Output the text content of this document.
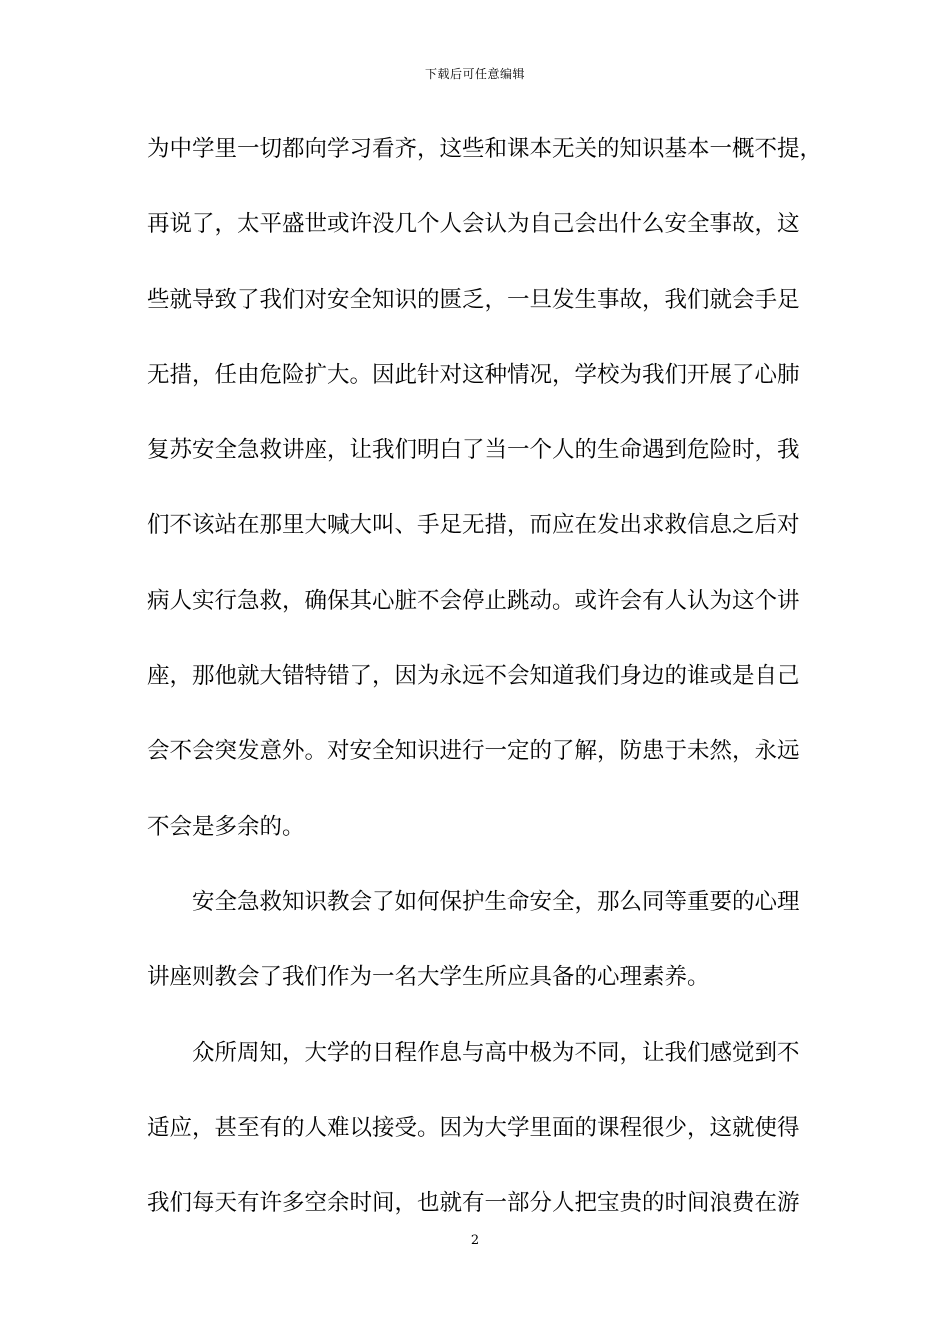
下载后可任意编辑
为中学里一切都向学习看齐，这些和课本无关的知识基本一概不提，
再说了，太平盛世或许没几个人会认为自己会出什么安全事故，这
些就导致了我们对安全知识的匮乏，一旦发生事故，我们就会手足
无措，任由危险扩大。因此针对这种情况，学校为我们开展了心肺
复苏安全急救讲座，让我们明白了当一个人的生命遇到危险时，我
们不该站在那里大喊大叫、手足无措，而应在发出求救信息之后对
病人实行急救，确保其心脏不会停止跳动。或许会有人认为这个讲
座，那他就大错特错了，因为永远不会知道我们身边的谁或是自己
会不会突发意外。对安全知识进行一定的了解，防患于未然，永远
不会是多余的。
安全急救知识教会了如何保护生命安全，那么同等重要的心理
讲座则教会了我们作为一名大学生所应具备的心理素养。
众所周知，大学的日程作息与高中极为不同，让我们感觉到不
适应，甚至有的人难以接受。因为大学里面的课程很少，这就使得
我们每天有许多空余时间，也就有一部分人把宝贵的时间浪费在游
2
